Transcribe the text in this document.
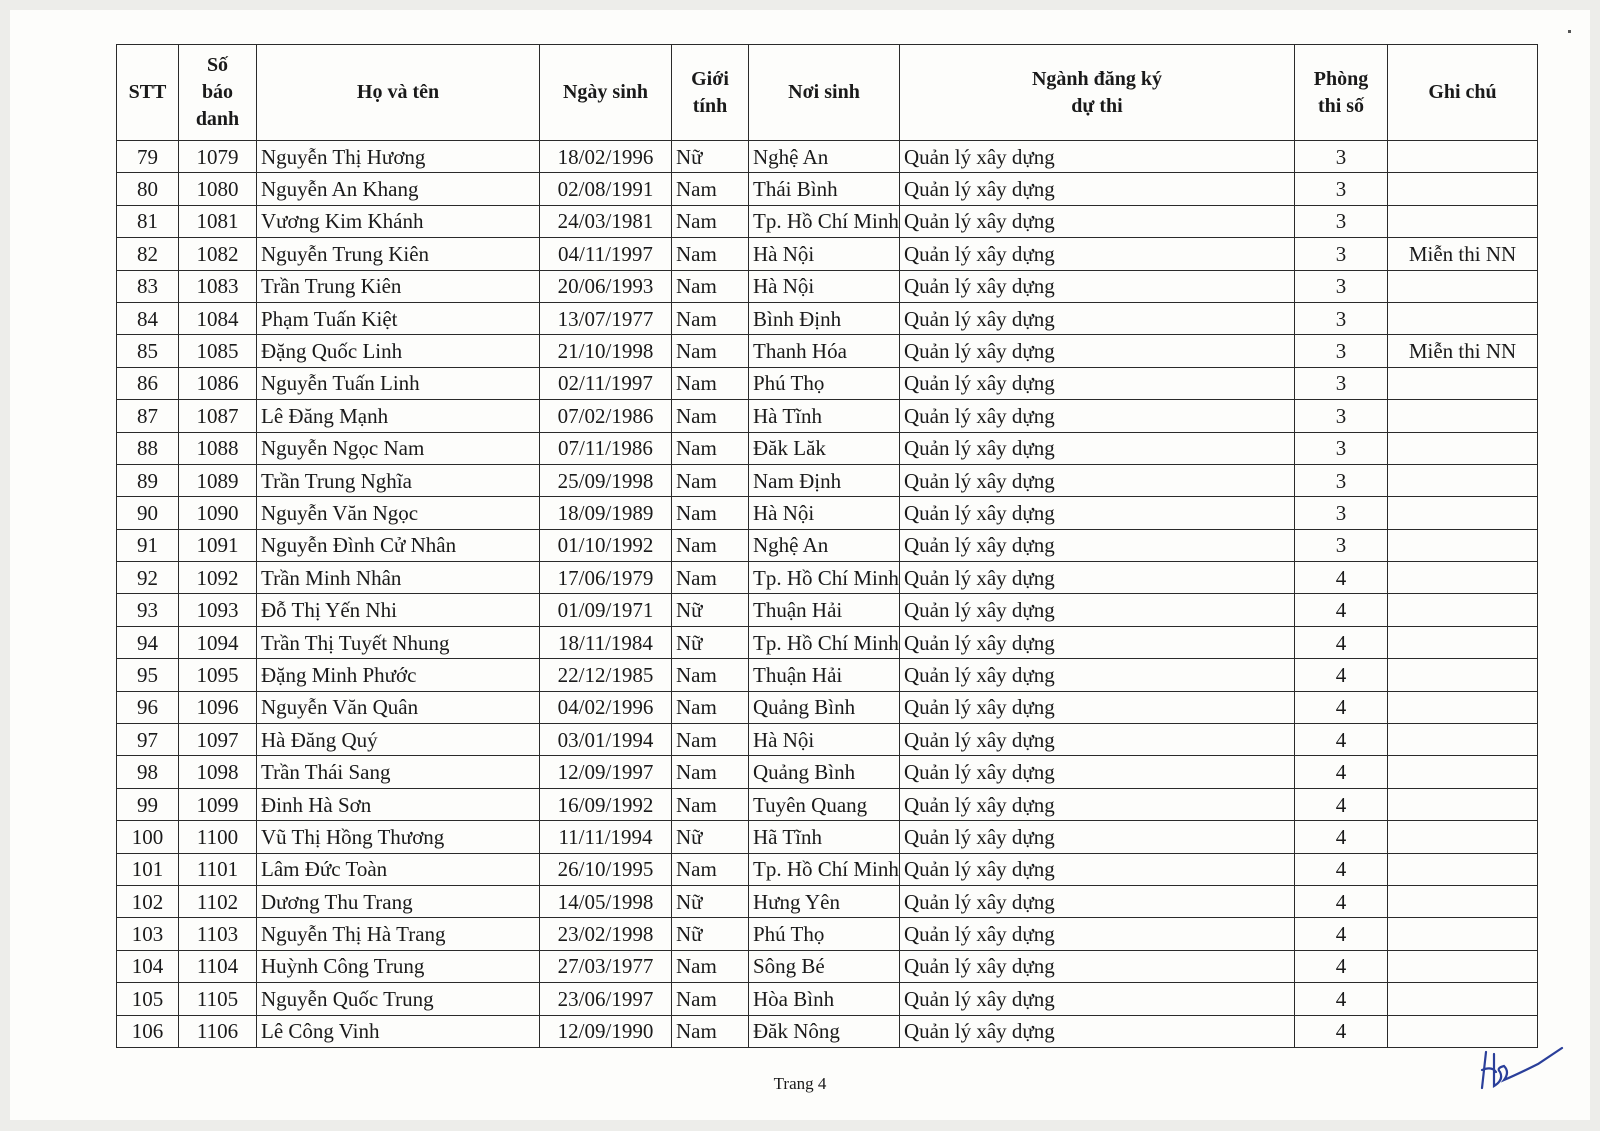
STT	Số báo danh	Họ và tên	Ngày sinh	Giới tính	Nơi sinh	Ngành đăng ký dự thi	Phòng thi số	Ghi chú
79	1079	Nguyễn Thị Hương	18/02/1996	Nữ	Nghệ An	Quản lý xây dựng	3	
80	1080	Nguyễn An Khang	02/08/1991	Nam	Thái Bình	Quản lý xây dựng	3	
81	1081	Vương Kim Khánh	24/03/1981	Nam	Tp. Hồ Chí Minh	Quản lý xây dựng	3	
82	1082	Nguyễn Trung Kiên	04/11/1997	Nam	Hà Nội	Quản lý xây dựng	3	Miễn thi NN
83	1083	Trần Trung Kiên	20/06/1993	Nam	Hà Nội	Quản lý xây dựng	3	
84	1084	Phạm Tuấn Kiệt	13/07/1977	Nam	Bình Định	Quản lý xây dựng	3	
85	1085	Đặng Quốc Linh	21/10/1998	Nam	Thanh Hóa	Quản lý xây dựng	3	Miễn thi NN
86	1086	Nguyễn Tuấn Linh	02/11/1997	Nam	Phú Thọ	Quản lý xây dựng	3	
87	1087	Lê Đăng Mạnh	07/02/1986	Nam	Hà Tĩnh	Quản lý xây dựng	3	
88	1088	Nguyễn Ngọc Nam	07/11/1986	Nam	Đăk Lăk	Quản lý xây dựng	3	
89	1089	Trần Trung Nghĩa	25/09/1998	Nam	Nam Định	Quản lý xây dựng	3	
90	1090	Nguyễn Văn Ngọc	18/09/1989	Nam	Hà Nội	Quản lý xây dựng	3	
91	1091	Nguyễn Đình Cử Nhân	01/10/1992	Nam	Nghệ An	Quản lý xây dựng	3	
92	1092	Trần Minh Nhân	17/06/1979	Nam	Tp. Hồ Chí Minh	Quản lý xây dựng	4	
93	1093	Đỗ Thị Yến Nhi	01/09/1971	Nữ	Thuận Hải	Quản lý xây dựng	4	
94	1094	Trần Thị Tuyết Nhung	18/11/1984	Nữ	Tp. Hồ Chí Minh	Quản lý xây dựng	4	
95	1095	Đặng Minh Phước	22/12/1985	Nam	Thuận Hải	Quản lý xây dựng	4	
96	1096	Nguyễn Văn Quân	04/02/1996	Nam	Quảng Bình	Quản lý xây dựng	4	
97	1097	Hà Đăng Quý	03/01/1994	Nam	Hà Nội	Quản lý xây dựng	4	
98	1098	Trần Thái Sang	12/09/1997	Nam	Quảng Bình	Quản lý xây dựng	4	
99	1099	Đinh Hà Sơn	16/09/1992	Nam	Tuyên Quang	Quản lý xây dựng	4	
100	1100	Vũ Thị Hồng Thương	11/11/1994	Nữ	Hã Tĩnh	Quản lý xây dựng	4	
101	1101	Lâm Đức Toàn	26/10/1995	Nam	Tp. Hồ Chí Minh	Quản lý xây dựng	4	
102	1102	Dương Thu Trang	14/05/1998	Nữ	Hưng Yên	Quản lý xây dựng	4	
103	1103	Nguyễn Thị Hà Trang	23/02/1998	Nữ	Phú Thọ	Quản lý xây dựng	4	
104	1104	Huỳnh Công Trung	27/03/1977	Nam	Sông Bé	Quản lý xây dựng	4	
105	1105	Nguyễn Quốc Trung	23/06/1997	Nam	Hòa Bình	Quản lý xây dựng	4	
106	1106	Lê Công Vinh	12/09/1990	Nam	Đăk Nông	Quản lý xây dựng	4	
Trang 4
